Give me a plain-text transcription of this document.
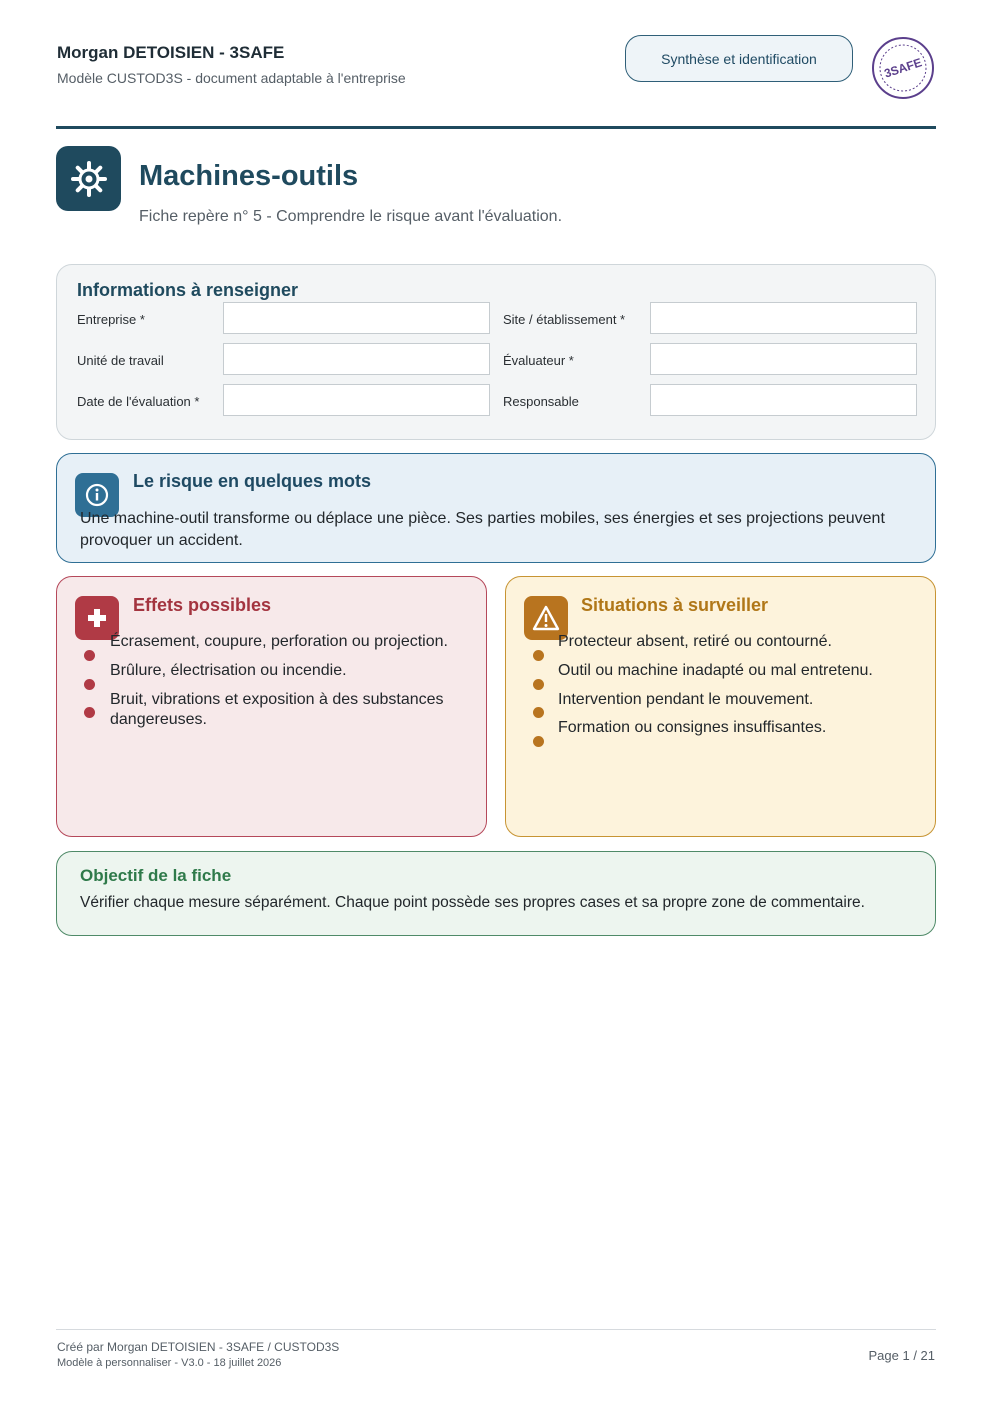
Morgan DETOISIEN - 3SAFE
Modèle CUSTOD3S - document adaptable à l'entreprise
Synthèse et identification	3SAFE
Machines-outils
Fiche repère n° 5 - Comprendre le risque avant l'évaluation.
Informations à renseigner
Entreprise *	Site / établissement *
Unité de travail	Évaluateur *
Date de l'évaluation *	Responsable
Le risque en quelques mots
Une machine-outil transforme ou déplace une pièce. Ses parties mobiles, ses énergies et ses projections peuvent provoquer un accident.
Effets possibles
Écrasement, coupure, perforation ou projection.
Brûlure, électrisation ou incendie.
Bruit, vibrations et exposition à des substances dangereuses.
Situations à surveiller
Protecteur absent, retiré ou contourné.
Outil ou machine inadapté ou mal entretenu.
Intervention pendant le mouvement.
Formation ou consignes insuffisantes.
Objectif de la fiche
Vérifier chaque mesure séparément. Chaque point possède ses propres cases et sa propre zone de commentaire.
Créé par Morgan DETOISIEN - 3SAFE / CUSTOD3S
Modèle à personnaliser - V3.0 - 18 juillet 2026	Page 1 / 21
